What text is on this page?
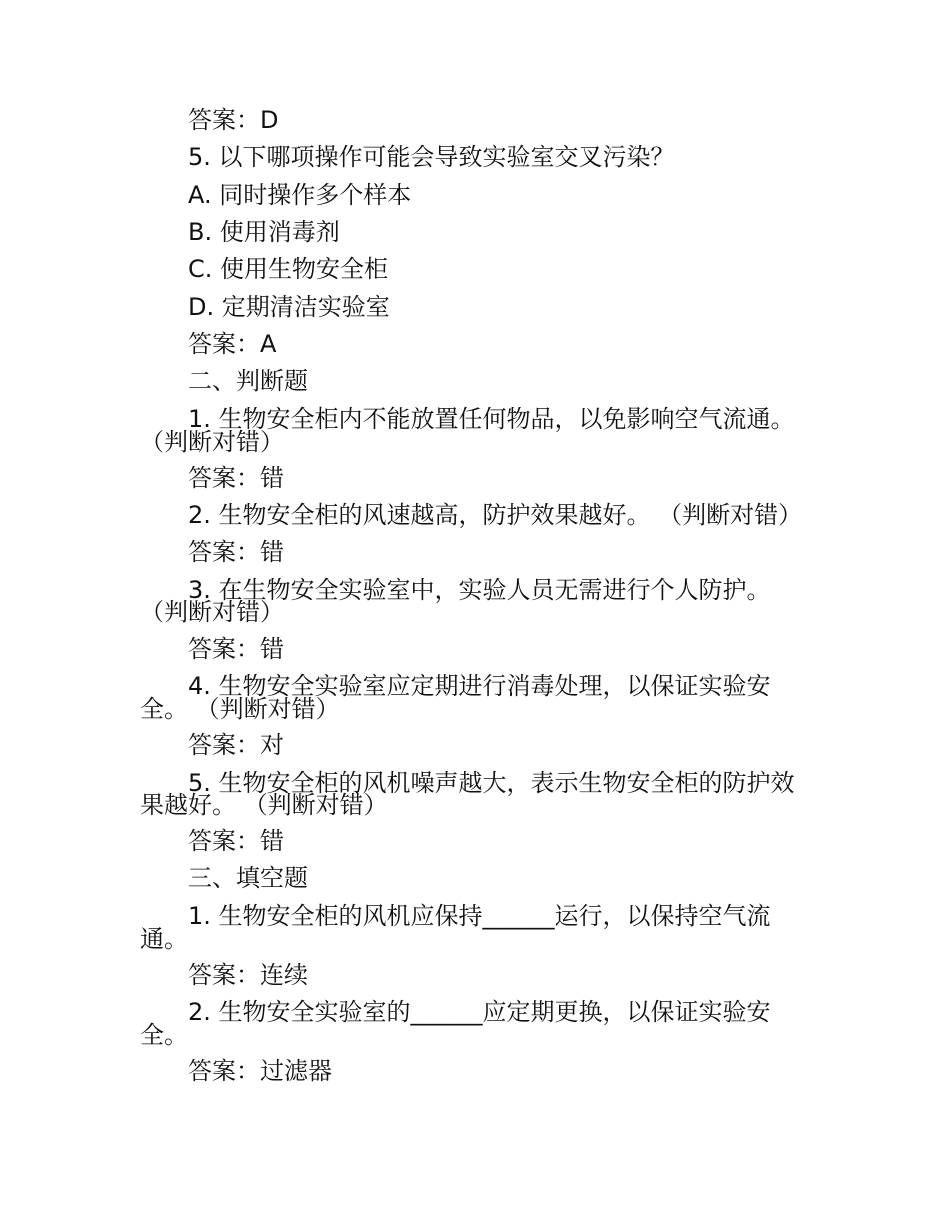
答案：D
5. 以下哪项操作可能会导致实验室交叉污染？
A. 同时操作多个样本
B. 使用消毒剂
C. 使用生物安全柜
D. 定期清洁实验室
答案：A
二、判断题
1. 生物安全柜内不能放置任何物品，以免影响空气流通。
（判断对错）
答案：错
2. 生物安全柜的风速越高，防护效果越好。 （判断对错）
答案：错
3. 在生物安全实验室中，实验人员无需进行个人防护。
（判断对错）
答案：错
4. 生物安全实验室应定期进行消毒处理，以保证实验安
全。 （判断对错）
答案：对
5. 生物安全柜的风机噪声越大，表示生物安全柜的防护效
果越好。 （判断对错）
答案：错
三、填空题
1. 生物安全柜的风机应保持______运行，以保持空气流
通。
答案：连续
2. 生物安全实验室的______应定期更换，以保证实验安
全。
答案：过滤器
